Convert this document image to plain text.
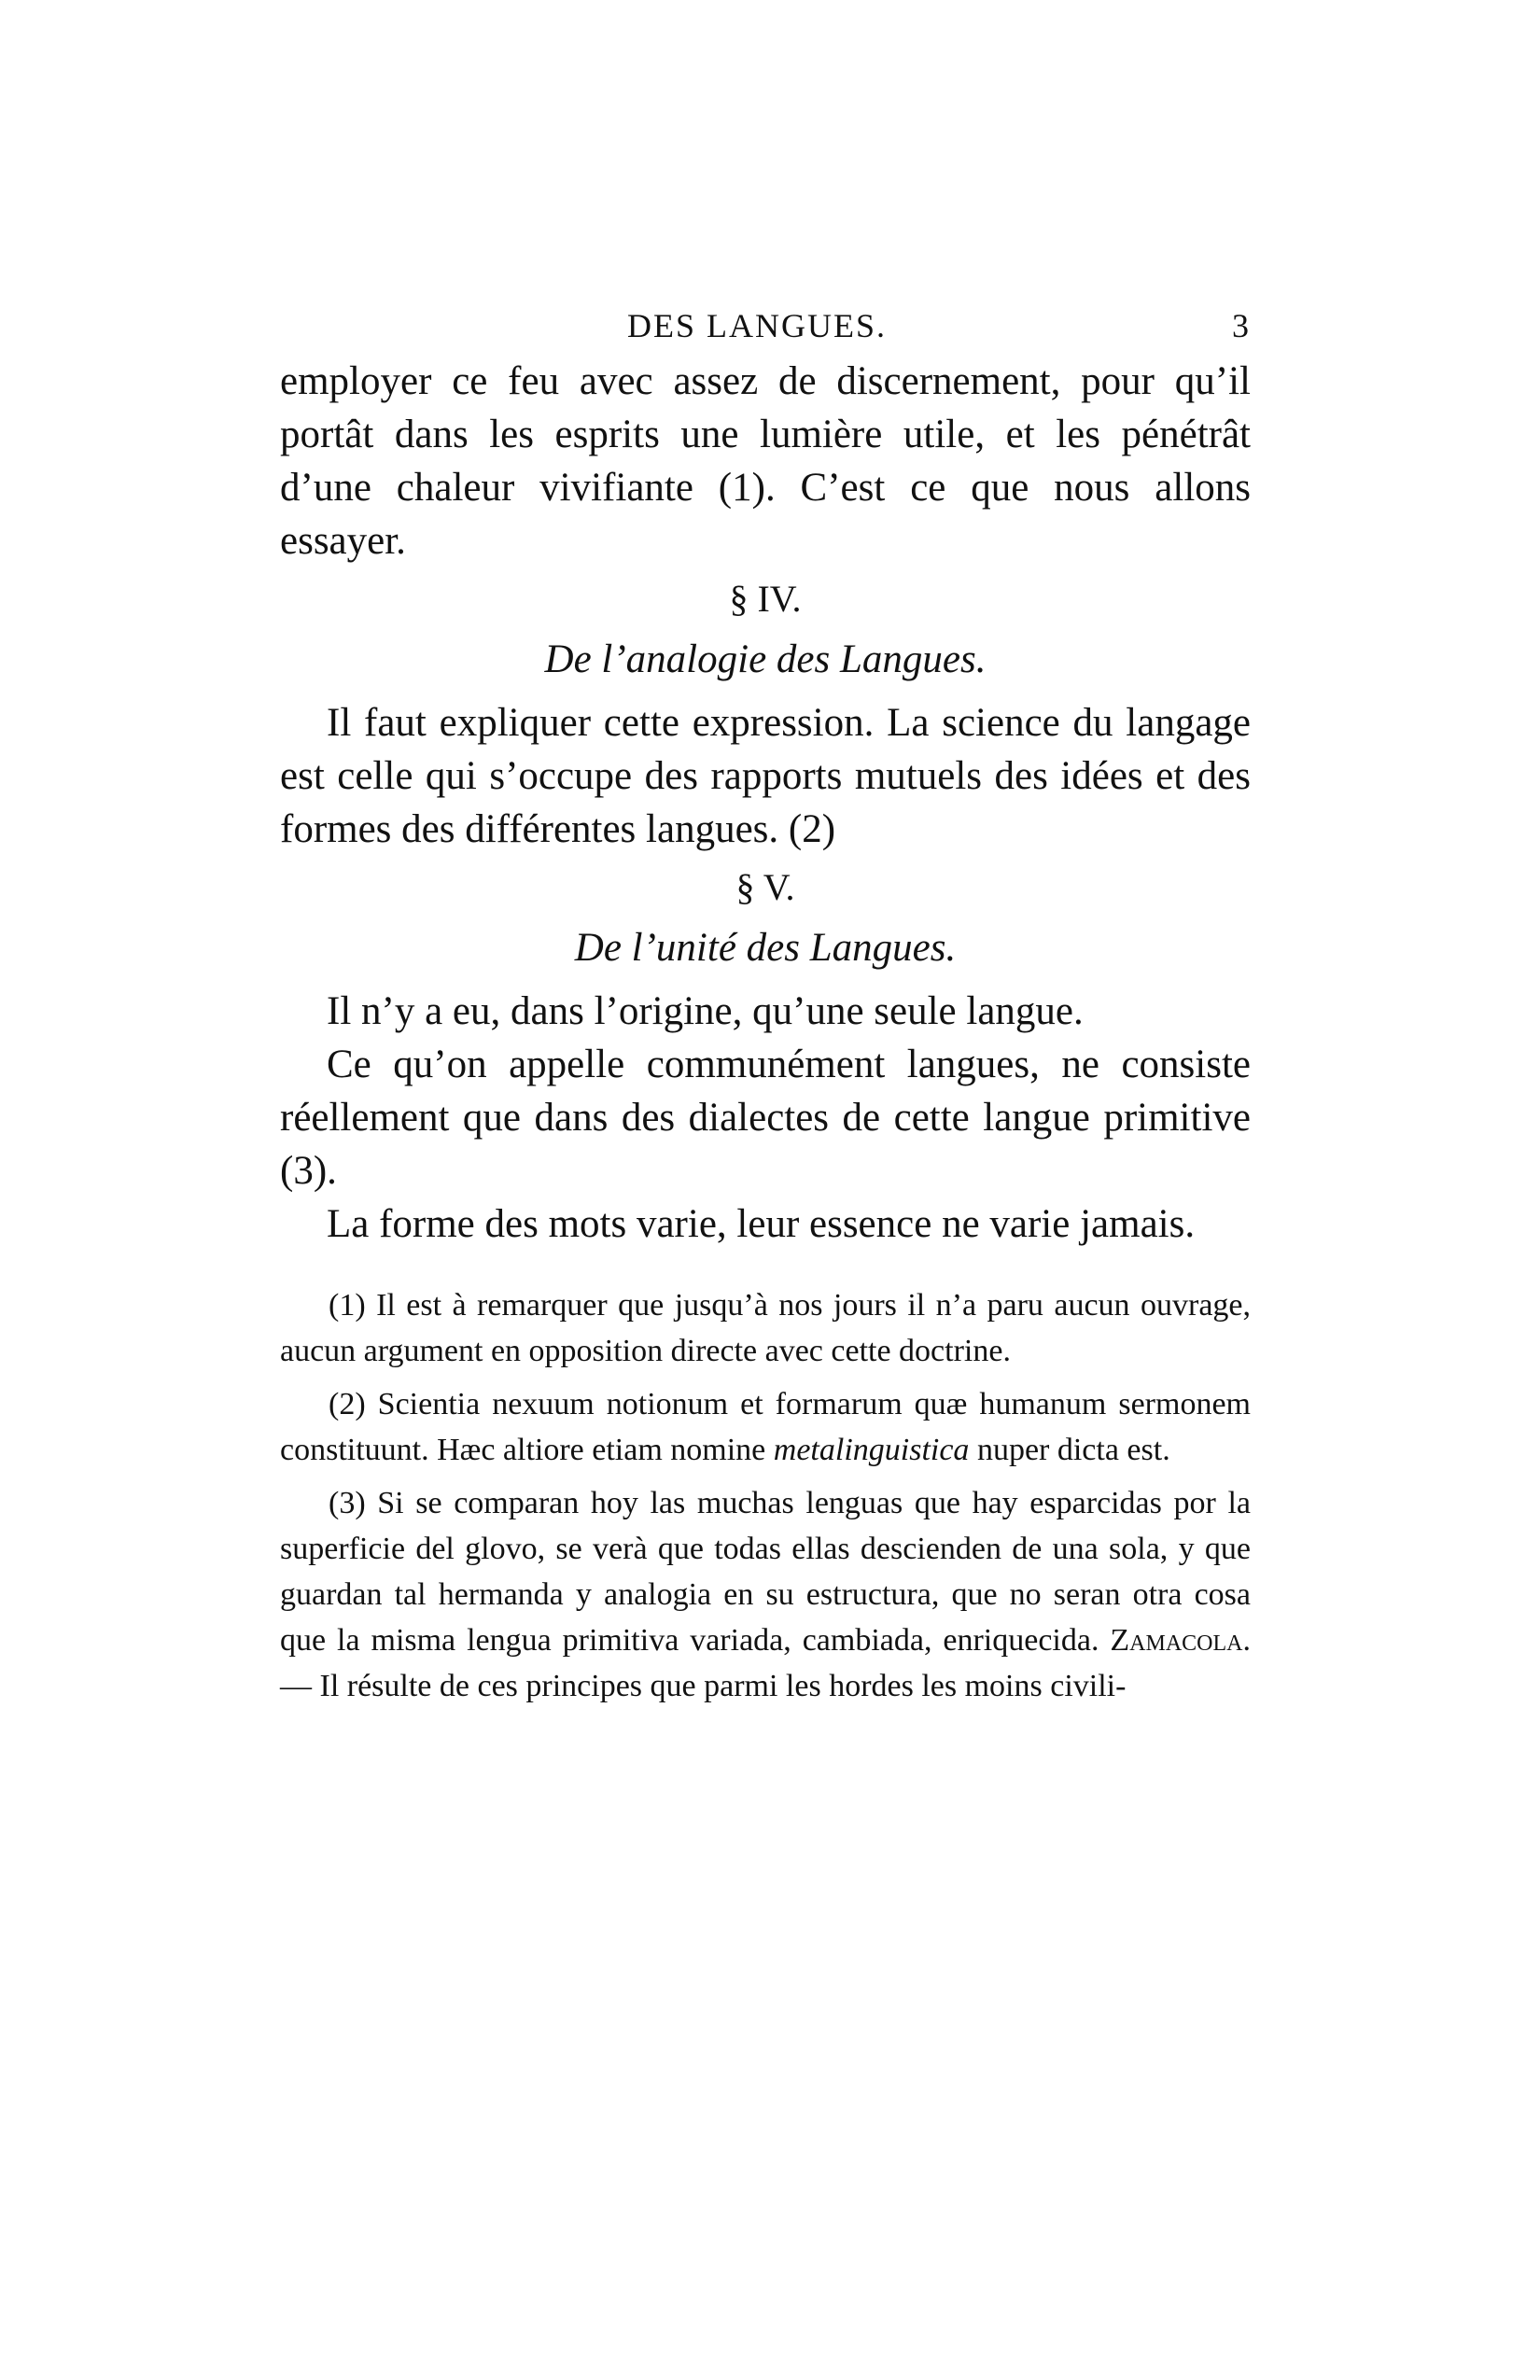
DES LANGUES.	3

employer ce feu avec assez de discernement, pour qu’il portât dans les esprits une lumière utile, et les pénétrât d’une chaleur vivifiante (1). C’est ce que nous allons essayer.

§ IV.
De l’analogie des Langues.

Il faut expliquer cette expression. La science du langage est celle qui s’occupe des rapports mutuels des idées et des formes des différentes langues. (2)

§ V.
De l’unité des Langues.

Il n’y a eu, dans l’origine, qu’une seule langue.

Ce qu’on appelle communément langues, ne consiste réellement que dans des dialectes de cette langue primitive (3).

La forme des mots varie, leur essence ne varie jamais.

(1) Il est à remarquer que jusqu’à nos jours il n’a paru aucun ouvrage, aucun argument en opposition directe avec cette doctrine.

(2) Scientia nexuum notionum et formarum quæ humanum sermonem constituunt. Hæc altiore etiam nomine metalinguistica nuper dicta est.

(3) Si se comparan hoy las muchas lenguas que hay esparcidas por la superficie del glovo, se verà que todas ellas descienden de una sola, y que guardan tal hermanda y analogia en su estructura, que no seran otra cosa que la misma lengua primitiva variada, cambiada, enriquecida. Zamacola.— Il résulte de ces principes que parmi les hordes les moins civili-
